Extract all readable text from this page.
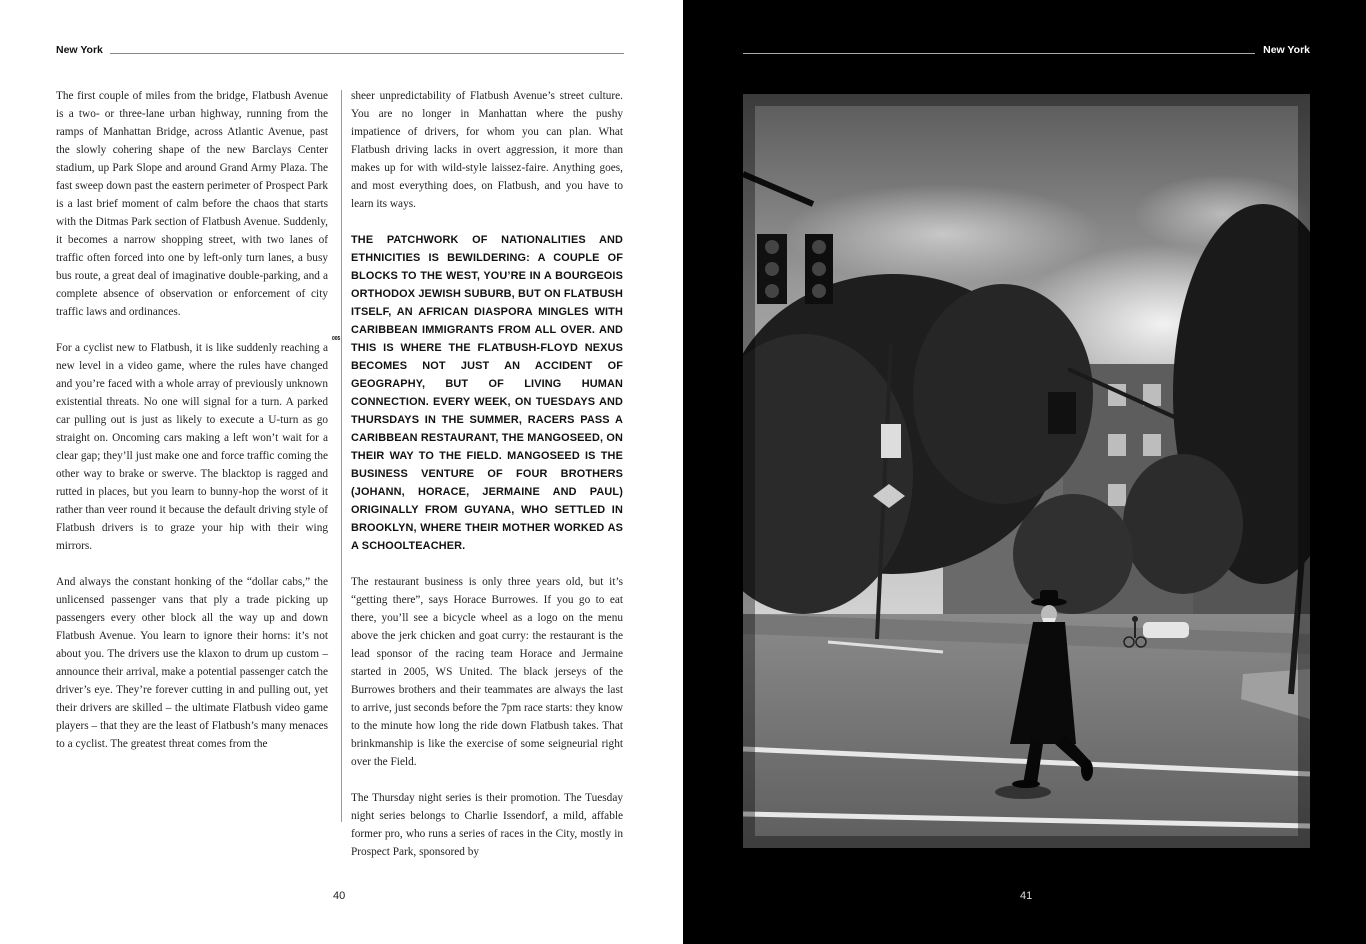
New York

The first couple of miles from the bridge, Flatbush Avenue is a two- or three-lane urban highway, running from the ramps of Manhattan Bridge, across Atlantic Avenue, past the slowly cohering shape of the new Barclays Center stadium, up Park Slope and around Grand Army Plaza. The fast sweep down past the eastern perimeter of Prospect Park is a last brief moment of calm before the chaos that starts with the Ditmas Park section of Flatbush Avenue. Suddenly, it becomes a narrow shopping street, with two lanes of traffic often forced into one by left-only turn lanes, a busy bus route, a great deal of imaginative double-parking, and a complete absence of observation or enforcement of city traffic laws and ordinances.

For a cyclist new to Flatbush, it is like suddenly reaching a new level in a video game, where the rules have changed and you’re faced with a whole array of previously unknown existential threats. No one will signal for a turn. A parked car pulling out is just as likely to execute a U-turn as go straight on. Oncoming cars making a left won’t wait for a clear gap; they’ll just make one and force traffic coming the other way to brake or swerve. The blacktop is ragged and rutted in places, but you learn to bunny-hop the worst of it rather than veer round it because the default driving style of Flatbush drivers is to graze your hip with their wing mirrors.

And always the constant honking of the “dollar cabs,” the unlicensed passenger vans that ply a trade picking up passengers every other block all the way up and down Flatbush Avenue. You learn to ignore their horns: it’s not about you. The drivers use the klaxon to drum up custom – announce their arrival, make a potential passenger catch the driver’s eye. They’re forever cutting in and pulling out, yet their drivers are skilled – the ultimate Flatbush video game players – that they are the least of Flatbush’s many menaces to a cyclist. The greatest threat comes from the

005

sheer unpredictability of Flatbush Avenue’s street culture. You are no longer in Manhattan where the pushy impatience of drivers, for whom you can plan. What Flatbush driving lacks in overt aggression, it more than makes up for with wild-style laissez-faire. Anything goes, and most everything does, on Flatbush, and you have to learn its ways.

THE PATCHWORK OF NATIONALITIES AND ETHNICITIES IS BEWILDERING: A COUPLE OF BLOCKS TO THE WEST, YOU’RE IN A BOURGEOIS ORTHODOX JEWISH SUBURB, BUT ON FLATBUSH ITSELF, AN AFRICAN DIASPORA MINGLES WITH CARIBBEAN IMMIGRANTS FROM ALL OVER. AND THIS IS WHERE THE FLATBUSH-FLOYD NEXUS BECOMES NOT JUST AN ACCIDENT OF GEOGRAPHY, BUT OF LIVING HUMAN CONNECTION. EVERY WEEK, ON TUESDAYS AND THURSDAYS IN THE SUMMER, RACERS PASS A CARIBBEAN RESTAURANT, THE MANGOSEED, ON THEIR WAY TO THE FIELD. MANGOSEED IS THE BUSINESS VENTURE OF FOUR BROTHERS (JOHANN, HORACE, JERMAINE AND PAUL) ORIGINALLY FROM GUYANA, WHO SETTLED IN BROOKLYN, WHERE THEIR MOTHER WORKED AS A SCHOOLTEACHER.

The restaurant business is only three years old, but it’s “getting there”, says Horace Burrowes. If you go to eat there, you’ll see a bicycle wheel as a logo on the menu above the jerk chicken and goat curry: the restaurant is the lead sponsor of the racing team Horace and Jermaine started in 2005, WS United. The black jerseys of the Burrowes brothers and their teammates are always the last to arrive, just seconds before the 7pm race starts: they know to the minute how long the ride down Flatbush takes. That brinkmanship is like the exercise of some seigneurial right over the Field.

The Thursday night series is their promotion. The Tuesday night series belongs to Charlie Issendorf, a mild, affable former pro, who runs a series of races in the City, mostly in Prospect Park, sponsored by

40
New York
41
